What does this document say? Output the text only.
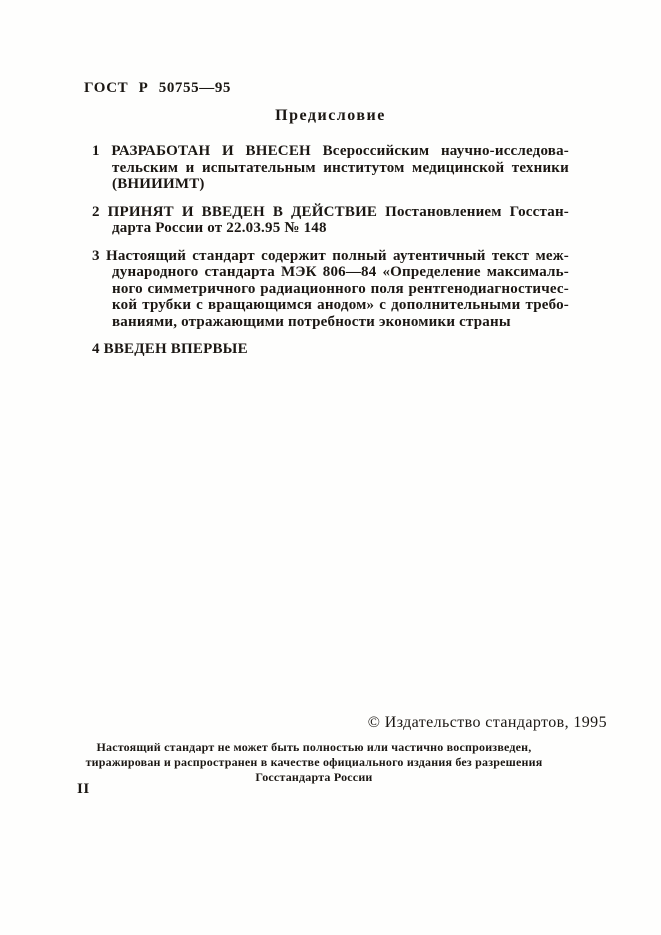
ГОСТ Р 50755—95
Предисловие

1 РАЗРАБОТАН И ВНЕСЕН Всероссийским научно-исследова-
тельским и испытательным институтом медицинской техники
(ВНИИИМТ)

2 ПРИНЯТ И ВВЕДЕН В ДЕЙСТВИЕ Постановлением Госстан-
дарта России от 22.03.95 № 148

3 Настоящий стандарт содержит полный аутентичный текст меж-
дународного стандарта МЭК 806—84 «Определение максималь-
ного симметричного радиационного поля рентгенодиагностичес-
кой трубки с вращающимся анодом» с дополнительными требо-
ваниями, отражающими потребности экономики страны

4 ВВЕДЕН ВПЕРВЫЕ

© Издательство стандартов, 1995
Настоящий стандарт не может быть полностью или частично воспроизведен,
тиражирован и распространен в качестве официального издания без разрешения
Госстандарта России
II
